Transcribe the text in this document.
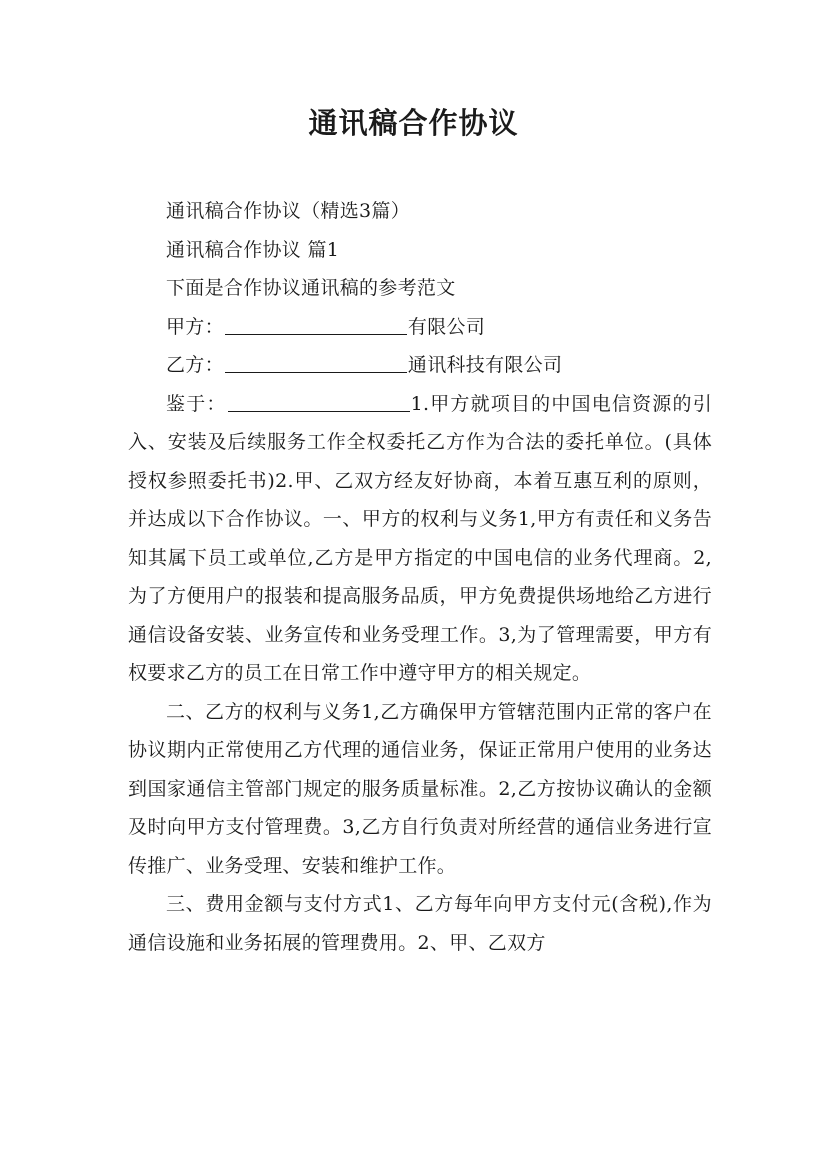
通讯稿合作协议

通讯稿合作协议（精选3篇）

通讯稿合作协议 篇1

下面是合作协议通讯稿的参考范文

甲方：	有限公司

乙方：	通讯科技有限公司

鉴于：	1.甲方就项目的中国电信资源的引入、安装及后续服务工作全权委托乙方作为合法的委托单位。(具体授权参照委托书)2.甲、乙双方经友好协商，本着互惠互利的原则，并达成以下合作协议。一、甲方的权利与义务1,甲方有责任和义务告知其属下员工或单位,乙方是甲方指定的中国电信的业务代理商。2,为了方便用户的报装和提高服务品质，甲方免费提供场地给乙方进行通信设备安装、业务宣传和业务受理工作。3,为了管理需要，甲方有权要求乙方的员工在日常工作中遵守甲方的相关规定。

二、乙方的权利与义务1,乙方确保甲方管辖范围内正常的客户在协议期内正常使用乙方代理的通信业务，保证正常用户使用的业务达到国家通信主管部门规定的服务质量标准。2,乙方按协议确认的金额及时向甲方支付管理费。3,乙方自行负责对所经营的通信业务进行宣传推广、业务受理、安装和维护工作。

三、费用金额与支付方式1、乙方每年向甲方支付元(含税),作为通信设施和业务拓展的管理费用。2、甲、乙双方
